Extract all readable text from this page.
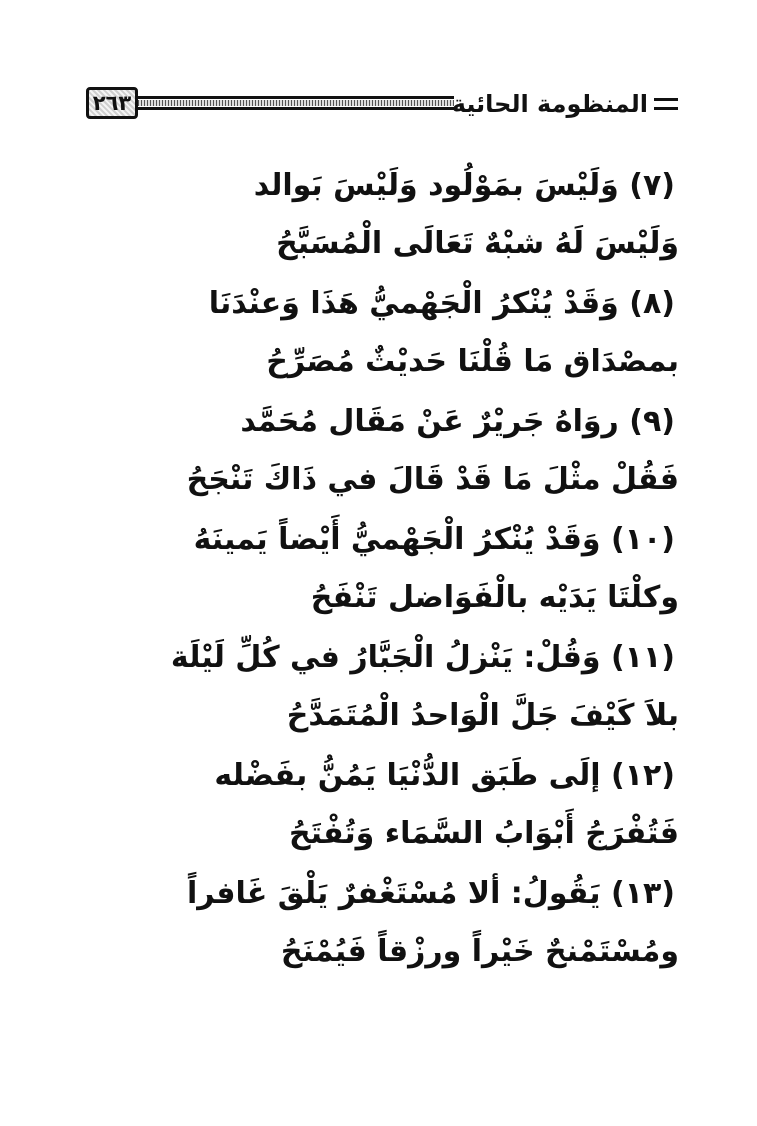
٢٦٣	المنظومة الحائية
(٧) وَلَيْسَ بمَوْلُود وَلَيْسَ بَوالد
وَلَيْسَ لَهُ شبْهٌ تَعَالَى الْمُسَبَّحُ
(٨) وَقَدْ يُنْكرُ الْجَهْميُّ هَذَا وَعنْدَنَا
بمصْدَاق مَا قُلْنَا حَديْثٌ مُصَرِّحُ
(٩) روَاهُ جَريْرٌ عَنْ مَقَال مُحَمَّد
فَقُلْ مثْلَ مَا قَدْ قَالَ في ذَاكَ تَنْجَحُ
(١٠) وَقَدْ يُنْكرُ الْجَهْميُّ أَيْضاً يَمينَهُ
وكلْتَا يَدَيْه بالْفَوَاضل تَنْفَحُ
(١١) وَقُلْ: يَنْزلُ الْجَبَّارُ في كُلِّ لَيْلَة
بلاَ كَيْفَ جَلَّ الْوَاحدُ الْمُتَمَدَّحُ
(١٢) إلَى طَبَق الدُّنْيَا يَمُنُّ بفَضْله
فَتُفْرَجُ أَبْوَابُ السَّمَاء وَتُفْتَحُ
(١٣) يَقُولُ: ألا مُسْتَغْفرٌ يَلْقَ غَافراً
ومُسْتَمْنحٌ خَيْراً ورزْقاً فَيُمْنَحُ
